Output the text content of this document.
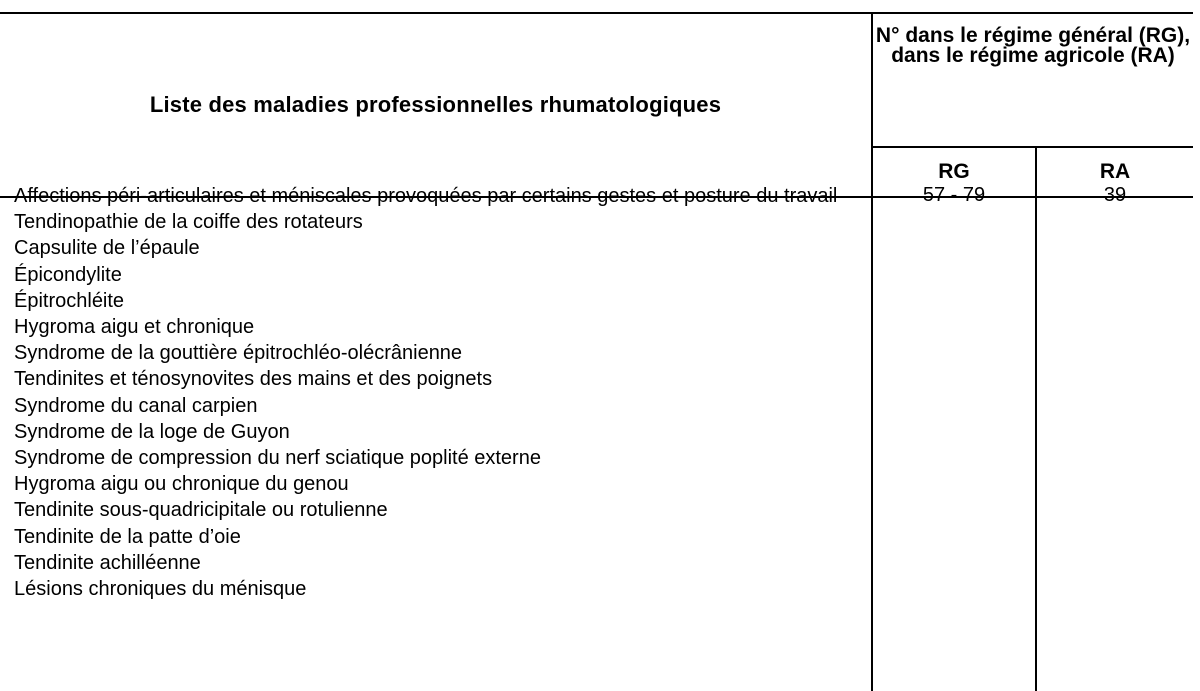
Liste des maladies professionnelles rhumatologiques
N° dans le régime général (RG), dans le régime agricole (RA)
RG	RA
Affections péri-articulaires et méniscales provoquées par certains gestes et posture du travail
Tendinopathie de la coiffe des rotateurs
Capsulite de l’épaule
Épicondylite
Épitrochléite
Hygroma aigu et chronique
Syndrome de la gouttière épitrochléo-olécrânienne
Tendinites et ténosynovites des mains et des poignets
Syndrome du canal carpien
Syndrome de la loge de Guyon
Syndrome de compression du nerf sciatique poplité externe
Hygroma aigu ou chronique du genou
Tendinite sous-quadricipitale ou rotulienne
Tendinite de la patte d’oie
Tendinite achilléenne
Lésions chroniques du ménisque
57 - 79	39
